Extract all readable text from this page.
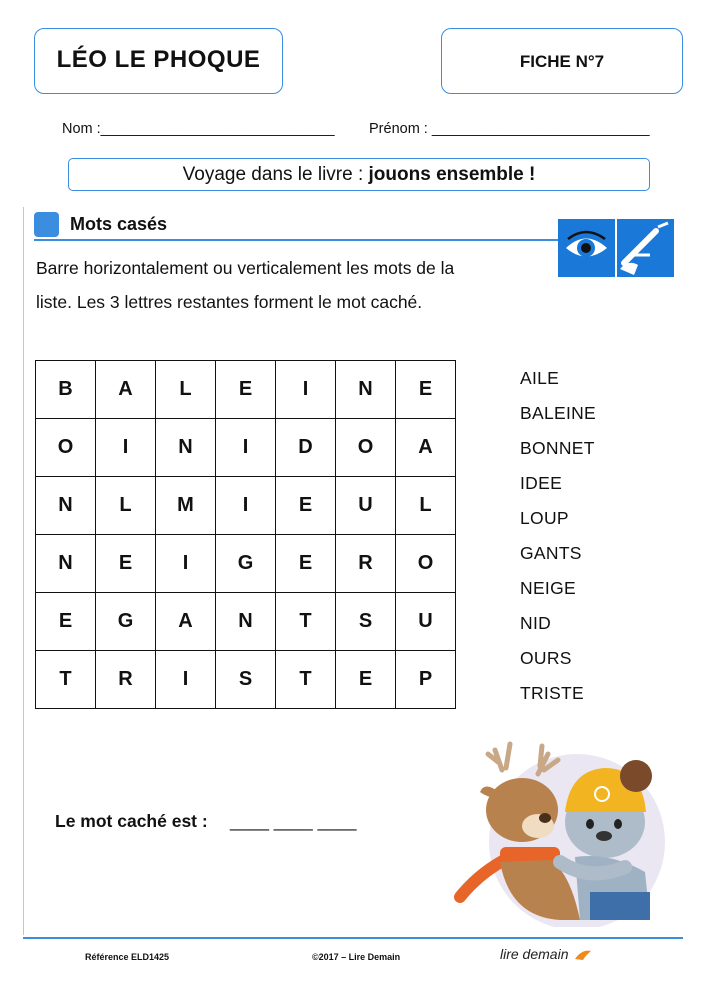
LÉO LE PHOQUE	FICHE N°7
Nom :_____________________________ Prénom : ___________________________
Voyage dans le livre : jouons ensemble !
Mots casés
Barre horizontalement ou verticalement les mots de la
liste. Les 3 lettres restantes forment le mot caché.
B	A	L	E	I	N	E
O	I	N	I	D	O	A
N	L	M	I	E	U	L
N	E	I	G	E	R	O
E	G	A	N	T	S	U
T	R	I	S	T	E	P
AILE
BALEINE
BONNET
IDEE
LOUP
GANTS
NEIGE
NID
OURS
TRISTE
Le mot caché est : ____ ____ ____
Référence ELD1425	©2017 – Lire Demain	lire demain
